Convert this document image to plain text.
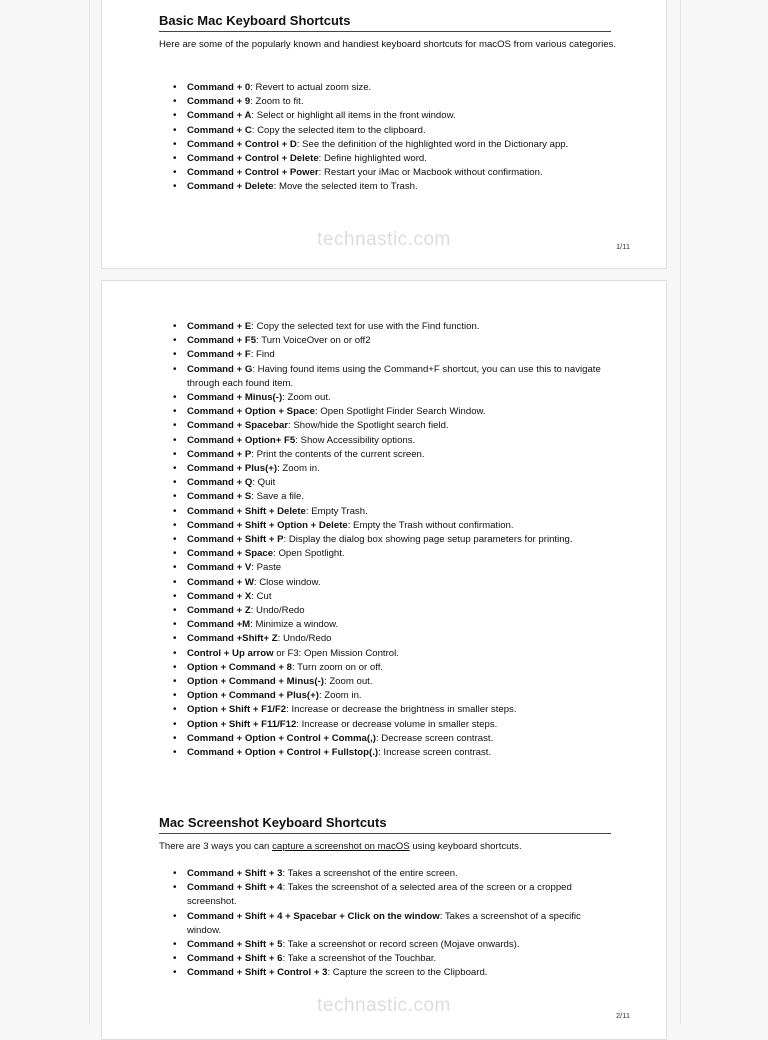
Basic Mac Keyboard Shortcuts

Here are some of the popularly known and handiest keyboard shortcuts for macOS from various categories.

• Command + 0: Revert to actual zoom size.
• Command + 9: Zoom to fit.
• Command + A: Select or highlight all items in the front window.
• Command + C: Copy the selected item to the clipboard.
• Command + Control + D: See the definition of the highlighted word in the Dictionary app.
• Command + Control + Delete: Define highlighted word.
• Command + Control + Power: Restart your iMac or Macbook without confirmation.
• Command + Delete: Move the selected item to Trash.
technastic.com	1/11
• Command + E: Copy the selected text for use with the Find function.
• Command + F5: Turn VoiceOver on or off2
• Command + F: Find
• Command + G: Having found items using the Command+F shortcut, you can use this to navigate through each found item.
• Command + Minus(-): Zoom out.
• Command + Option + Space: Open Spotlight Finder Search Window.
• Command + Spacebar: Show/hide the Spotlight search field.
• Command + Option+ F5: Show Accessibility options.
• Command + P: Print the contents of the current screen.
• Command + Plus(+): Zoom in.
• Command + Q: Quit
• Command + S: Save a file.
• Command + Shift + Delete: Empty Trash.
• Command + Shift + Option + Delete: Empty the Trash without confirmation.
• Command + Shift + P: Display the dialog box showing page setup parameters for printing.
• Command + Space: Open Spotlight.
• Command + V: Paste
• Command + W: Close window.
• Command + X: Cut
• Command + Z: Undo/Redo
• Command +M: Minimize a window.
• Command +Shift+ Z: Undo/Redo
• Control + Up arrow or F3: Open Mission Control.
• Option + Command + 8: Turn zoom on or off.
• Option + Command + Minus(-): Zoom out.
• Option + Command + Plus(+): Zoom in.
• Option + Shift + F1/F2: Increase or decrease the brightness in smaller steps.
• Option + Shift + F11/F12: Increase or decrease volume in smaller steps.
• Command + Option + Control + Comma(,): Decrease screen contrast.
• Command + Option + Control + Fullstop(.): Increase screen contrast.
Mac Screenshot Keyboard Shortcuts

There are 3 ways you can capture a screenshot on macOS using keyboard shortcuts.

• Command + Shift + 3: Takes a screenshot of the entire screen.
• Command + Shift + 4: Takes the screenshot of a selected area of the screen or a cropped screenshot.
• Command + Shift + 4 + Spacebar + Click on the window: Takes a screenshot of a specific window.
• Command + Shift + 5: Take a screenshot or record screen (Mojave onwards).
• Command + Shift + 6: Take a screenshot of the Touchbar.
• Command + Shift + Control + 3: Capture the screen to the Clipboard.
technastic.com	2/11
